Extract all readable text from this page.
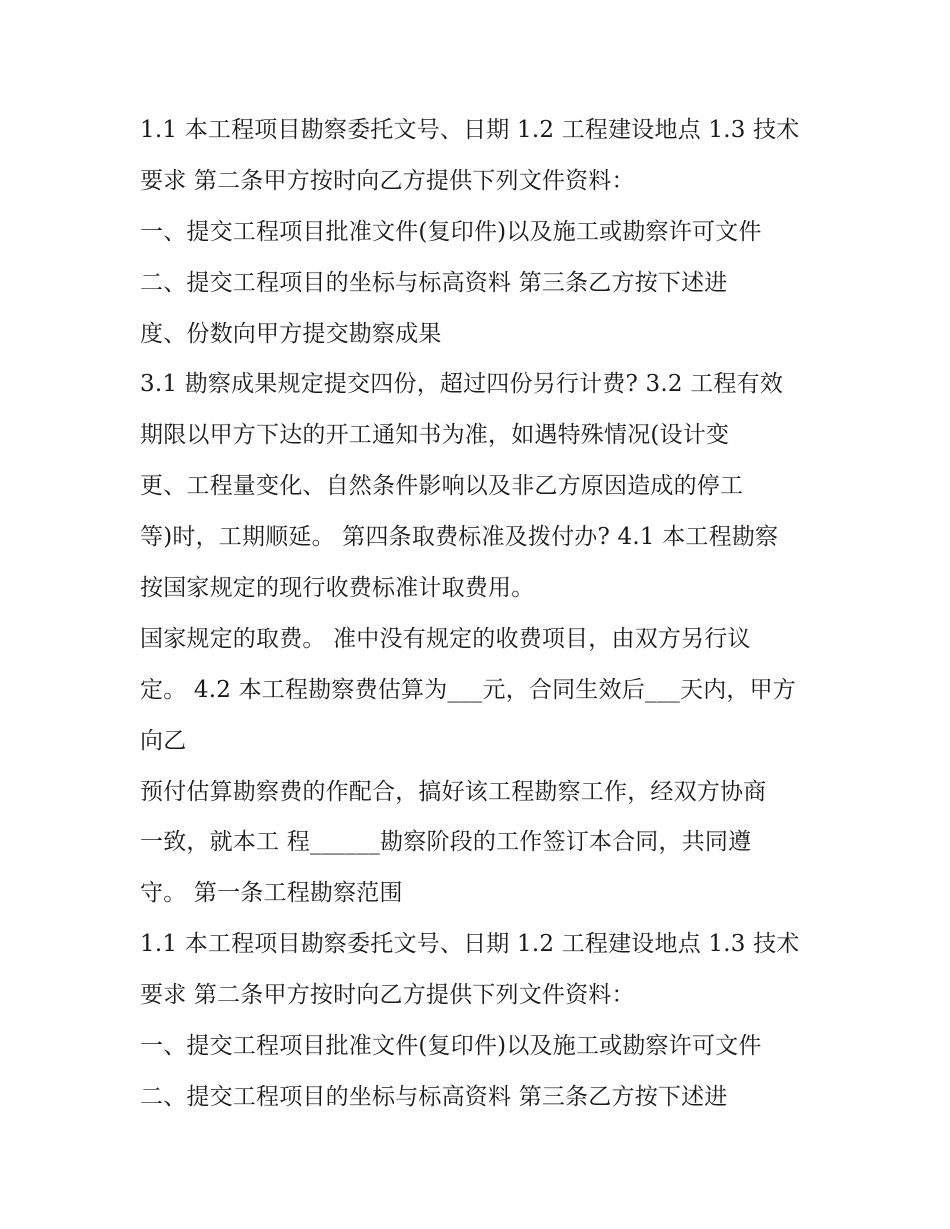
1.1 本工程项目勘察委托文号、日期 1.2 工程建设地点 1.3 技术
要求 第二条甲方按时向乙方提供下列文件资料：
一、提交工程项目批准文件(复印件)以及施工或勘察许可文件
二、提交工程项目的坐标与标高资料 第三条乙方按下述进
度、份数向甲方提交勘察成果
3.1 勘察成果规定提交四份，超过四份另行计费? 3.2 工程有效
期限以甲方下达的开工通知书为准，如遇特殊情况(设计变
更、工程量变化、自然条件影响以及非乙方原因造成的停工
等)时，工期顺延。 第四条取费标准及拨付办? 4.1 本工程勘察
按国家规定的现行收费标准计取费用。
国家规定的取费。 准中没有规定的收费项目，由双方另行议
定。 4.2 本工程勘察费估算为___元，合同生效后___天内，甲方
向乙
预付估算勘察费的作配合，搞好该工程勘察工作，经双方协商
一致，就本工 程______勘察阶段的工作签订本合同，共同遵
守。 第一条工程勘察范围
1.1 本工程项目勘察委托文号、日期 1.2 工程建设地点 1.3 技术
要求 第二条甲方按时向乙方提供下列文件资料：
一、提交工程项目批准文件(复印件)以及施工或勘察许可文件
二、提交工程项目的坐标与标高资料 第三条乙方按下述进
